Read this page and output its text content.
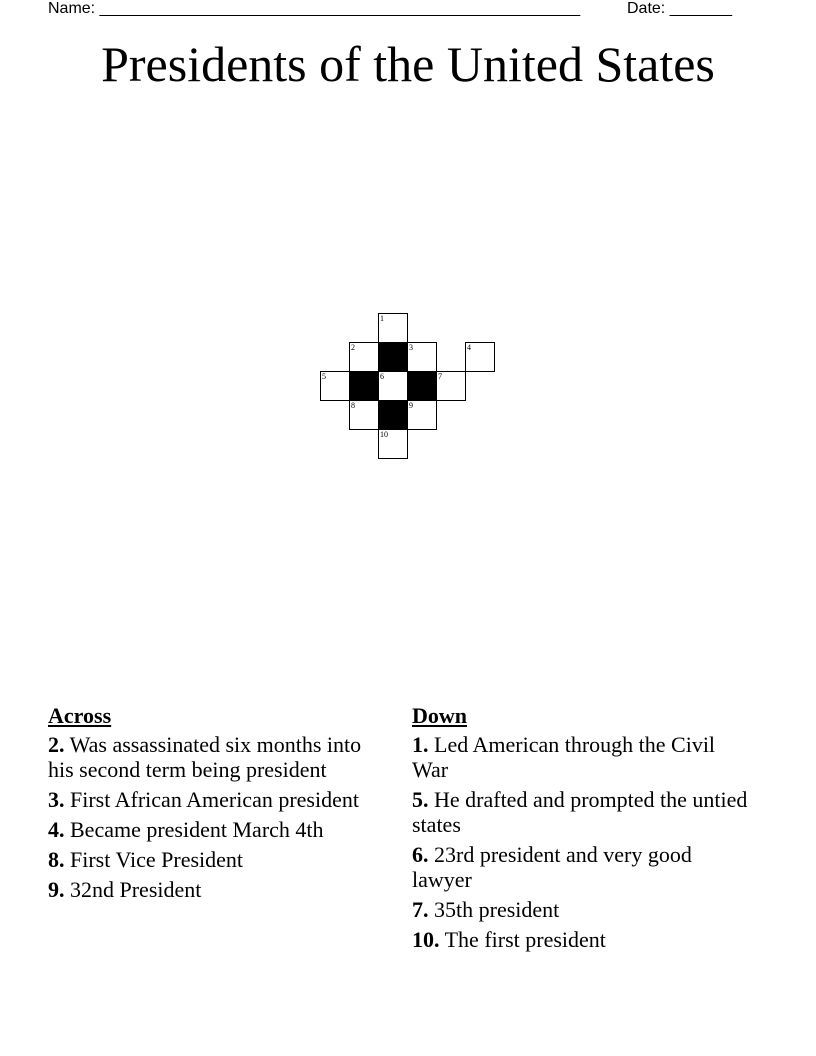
Name: ______________________________________________________	Date: _______
Presidents of the United States
1
2	3	4
5	6	7
8	9
10
Across
2. Was assassinated six months into his second term being president
3. First African American president
4. Became president March 4th
8. First Vice President
9. 32nd President
Down
1. Led American through the Civil War
5. He drafted and prompted the untied states
6. 23rd president and very good lawyer
7. 35th president
10. The first president
